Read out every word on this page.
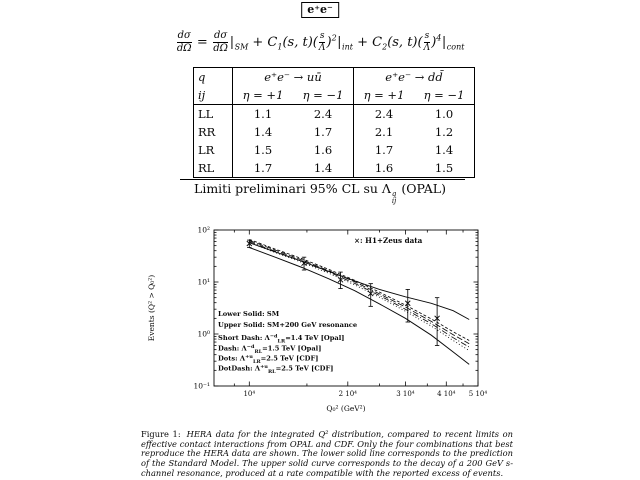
e⁺e⁻
$\frac{d\sigma}{d\Omega} = \frac{d\sigma}{d\Omega} |_{SM} + C_1(s$, $t)( \frac{s}{\Lambda} )^2|_{int} + C_2(s$, $t)( \frac{s}{\Lambda} )^4|_{cont}$
q	e⁺e⁻ → uū		e⁺e⁻ → dd̄	
ij	η = +1	η = −1	η = +1	η = −1
LL	1.1	2.4	2.4	1.0
RR	1.4	1.7	2.1	1.2
LR	1.5	1.6	1.7	1.4
RL	1.7	1.4	1.6	1.5
Limiti preliminari 95% CL su Λ q
ij
(OPAL)
10⁴	2 10⁴	3 10⁴	4 10⁴ 5 10⁴
10²
10¹
10⁰
10⁻¹
Q₀² (GeV²)
Events (Q² > Q₀²)
×: H1+Zeus data
Lower Solid: SM
Upper Solid: SM+200 GeV resonance
Short Dash: $\Lambda^{-d}_{LR}=1.4$ TeV [Opal]
Dash: $\Lambda^{-d}_{RL}=1.5$ TeV [Opal]
Dots: $\Lambda^{+u}_{LR}=2.5$ TeV [CDF]
DotDash: $\Lambda^{+u}_{RL}=2.5$ TeV [CDF]
Figure 1: HERA data for the integrated Q² distribution, compared to recent limits on effective contact interactions from OPAL and CDF. Only the four combinations that best reproduce the HERA data are shown. The lower solid line corresponds to the prediction of the Standard Model. The upper solid curve corresponds to the decay of a 200 GeV s-channel resonance, produced at a rate compatible with the reported excess of events.
